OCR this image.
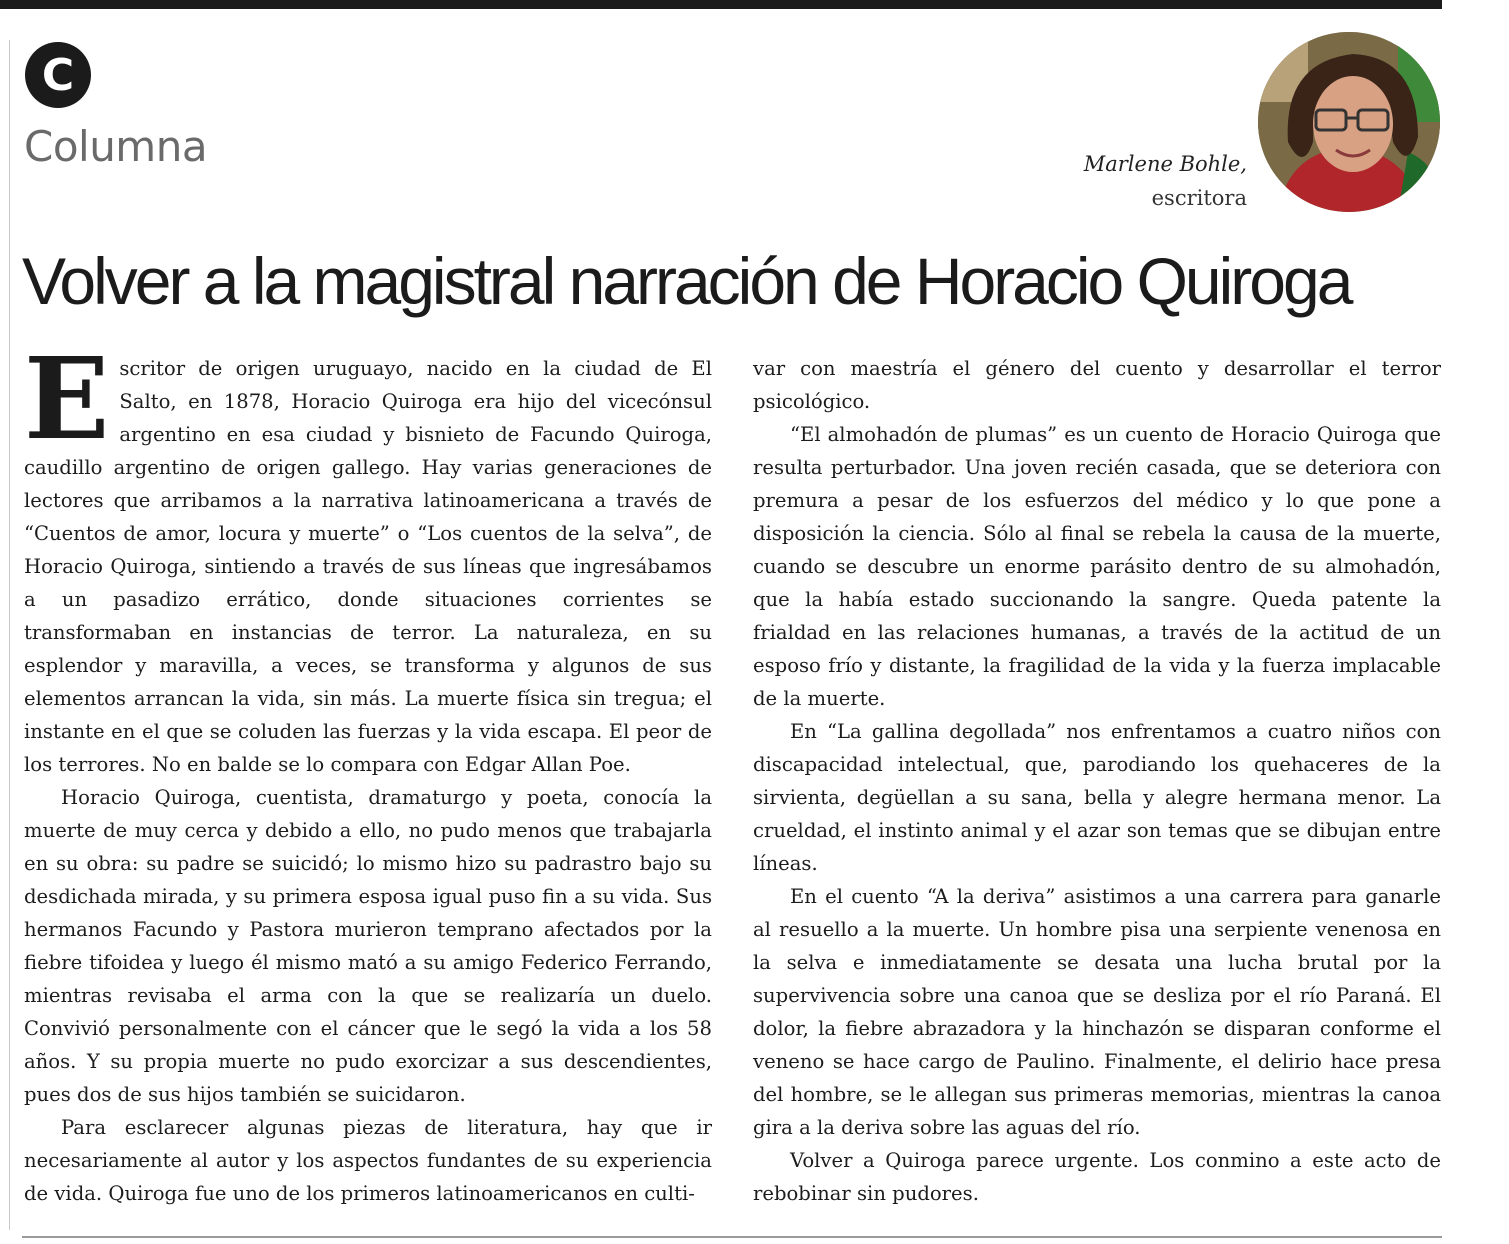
C
Columna	Marlene Bohle,
escritora
Volver a la magistral narración de Horacio Quiroga

Escritor de origen uruguayo, nacido en la ciudad de El Salto, en 1878, Horacio Quiroga era hijo del vicecónsul argentino en esa ciudad y bisnieto de Facundo Quiroga, caudillo argentino de origen gallego. Hay varias generaciones de lectores que arribamos a la narrativa latinoamericana a través de “Cuentos de amor, locura y muerte” o “Los cuentos de la selva”, de Horacio Quiroga, sintiendo a través de sus líneas que ingresábamos a un pasadizo errático, donde situaciones corrientes se transformaban en instancias de terror. La naturaleza, en su esplendor y maravilla, a veces, se transforma y algunos de sus elementos arrancan la vida, sin más. La muerte física sin tregua; el instante en el que se coluden las fuerzas y la vida escapa. El peor de los terrores. No en balde se lo compara con Edgar Allan Poe.

Horacio Quiroga, cuentista, dramaturgo y poeta, conocía la muerte de muy cerca y debido a ello, no pudo menos que trabajarla en su obra: su padre se suicidó; lo mismo hizo su padrastro bajo su desdichada mirada, y su primera esposa igual puso fin a su vida. Sus hermanos Facundo y Pastora murieron temprano afectados por la fiebre tifoidea y luego él mismo mató a su amigo Federico Ferrando, mientras revisaba el arma con la que se realizaría un duelo. Convivió personalmente con el cáncer que le segó la vida a los 58 años. Y su propia muerte no pudo exorcizar a sus descendientes, pues dos de sus hijos también se suicidaron.

Para esclarecer algunas piezas de literatura, hay que ir necesariamente al autor y los aspectos fundantes de su experiencia de vida. Quiroga fue uno de los primeros latinoamericanos en culti-

var con maestría el género del cuento y desarrollar el terror psicológico.

“El almohadón de plumas” es un cuento de Horacio Quiroga que resulta perturbador. Una joven recién casada, que se deteriora con premura a pesar de los esfuerzos del médico y lo que pone a disposición la ciencia. Sólo al final se rebela la causa de la muerte, cuando se descubre un enorme parásito dentro de su almohadón, que la había estado succionando la sangre. Queda patente la frialdad en las relaciones humanas, a través de la actitud de un esposo frío y distante, la fragilidad de la vida y la fuerza implacable de la muerte.

En “La gallina degollada” nos enfrentamos a cuatro niños con discapacidad intelectual, que, parodiando los quehaceres de la sirvienta, degüellan a su sana, bella y alegre hermana menor. La crueldad, el instinto animal y el azar son temas que se dibujan entre líneas.

En el cuento “A la deriva” asistimos a una carrera para ganarle al resuello a la muerte. Un hombre pisa una serpiente venenosa en la selva e inmediatamente se desata una lucha brutal por la supervivencia sobre una canoa que se desliza por el río Paraná. El dolor, la fiebre abrazadora y la hinchazón se disparan conforme el veneno se hace cargo de Paulino. Finalmente, el delirio hace presa del hombre, se le allegan sus primeras memorias, mientras la canoa gira a la deriva sobre las aguas del río.

Volver a Quiroga parece urgente. Los conmino a este acto de rebobinar sin pudores.
